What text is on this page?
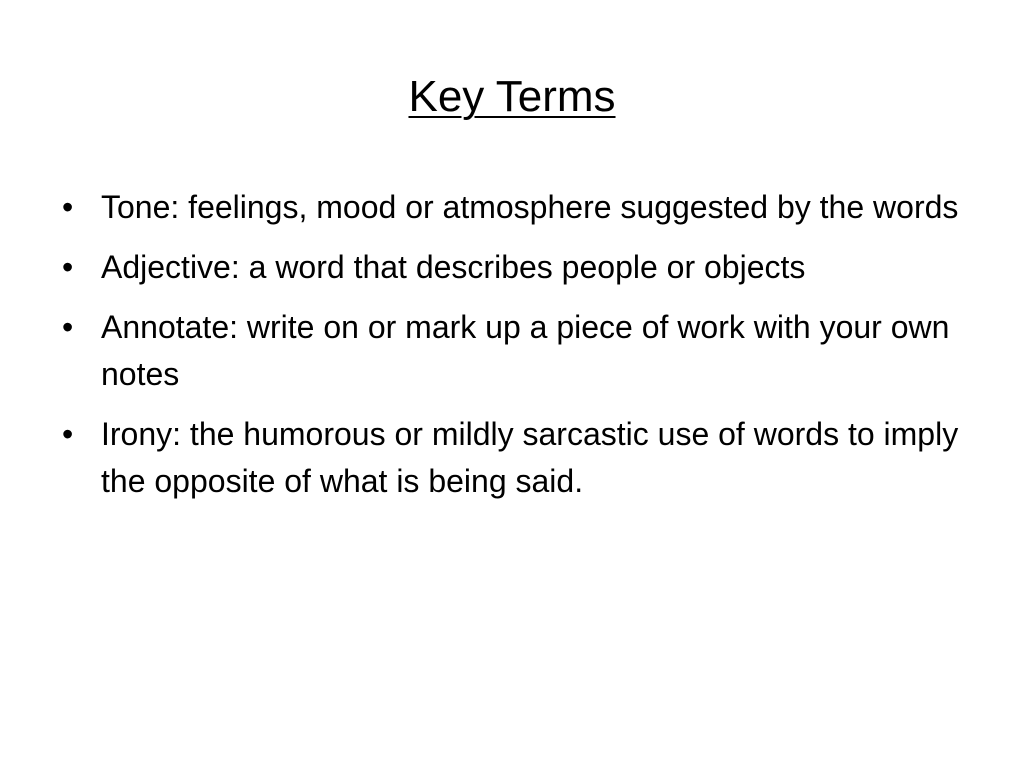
Key Terms
• Tone: feelings, mood or atmosphere suggested by the words
• Adjective: a word that describes people or objects
• Annotate: write on or mark up a piece of work with your own notes
• Irony: the humorous or mildly sarcastic use of words to imply the opposite of what is being said.
